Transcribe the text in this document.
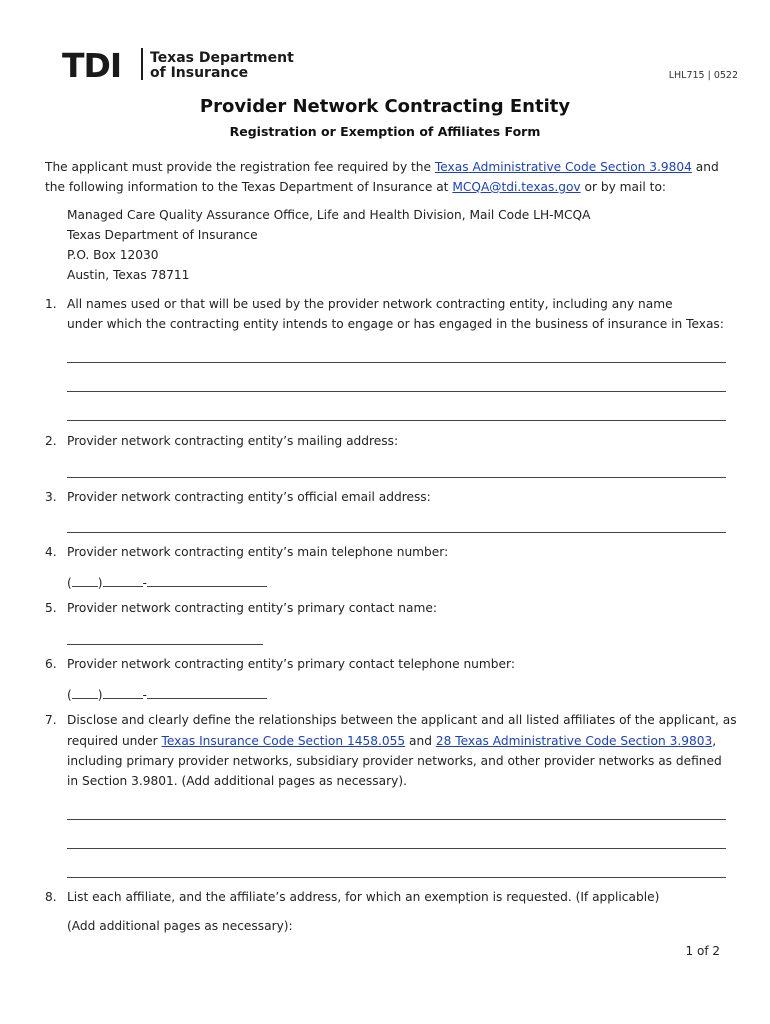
TDI Texas Department
of Insurance	LHL715 | 0522
Provider Network Contracting Entity
Registration or Exemption of Affiliates Form
The applicant must provide the registration fee required by the Texas Administrative Code Section 3.9804 and
the following information to the Texas Department of Insurance at MCQA@tdi.texas.gov or by mail to:
Managed Care Quality Assurance Office, Life and Health Division, Mail Code LH-MCQA
Texas Department of Insurance
P.O. Box 12030
Austin, Texas 78711
1. All names used or that will be used by the provider network contracting entity, including any name
under which the contracting entity intends to engage or has engaged in the business of insurance in Texas:
2. Provider network contracting entity’s mailing address:
3. Provider network contracting entity’s official email address:
4. Provider network contracting entity’s main telephone number:
( )	-
5. Provider network contracting entity’s primary contact name:
6. Provider network contracting entity’s primary contact telephone number:
( )	-
7. Disclose and clearly define the relationships between the applicant and all listed affiliates of the applicant, as
required under Texas Insurance Code Section 1458.055 and 28 Texas Administrative Code Section 3.9803,
including primary provider networks, subsidiary provider networks, and other provider networks as defined
in Section 3.9801. (Add additional pages as necessary).
8. List each affiliate, and the affiliate’s address, for which an exemption is requested. (If applicable)
(Add additional pages as necessary):
1 of 2
